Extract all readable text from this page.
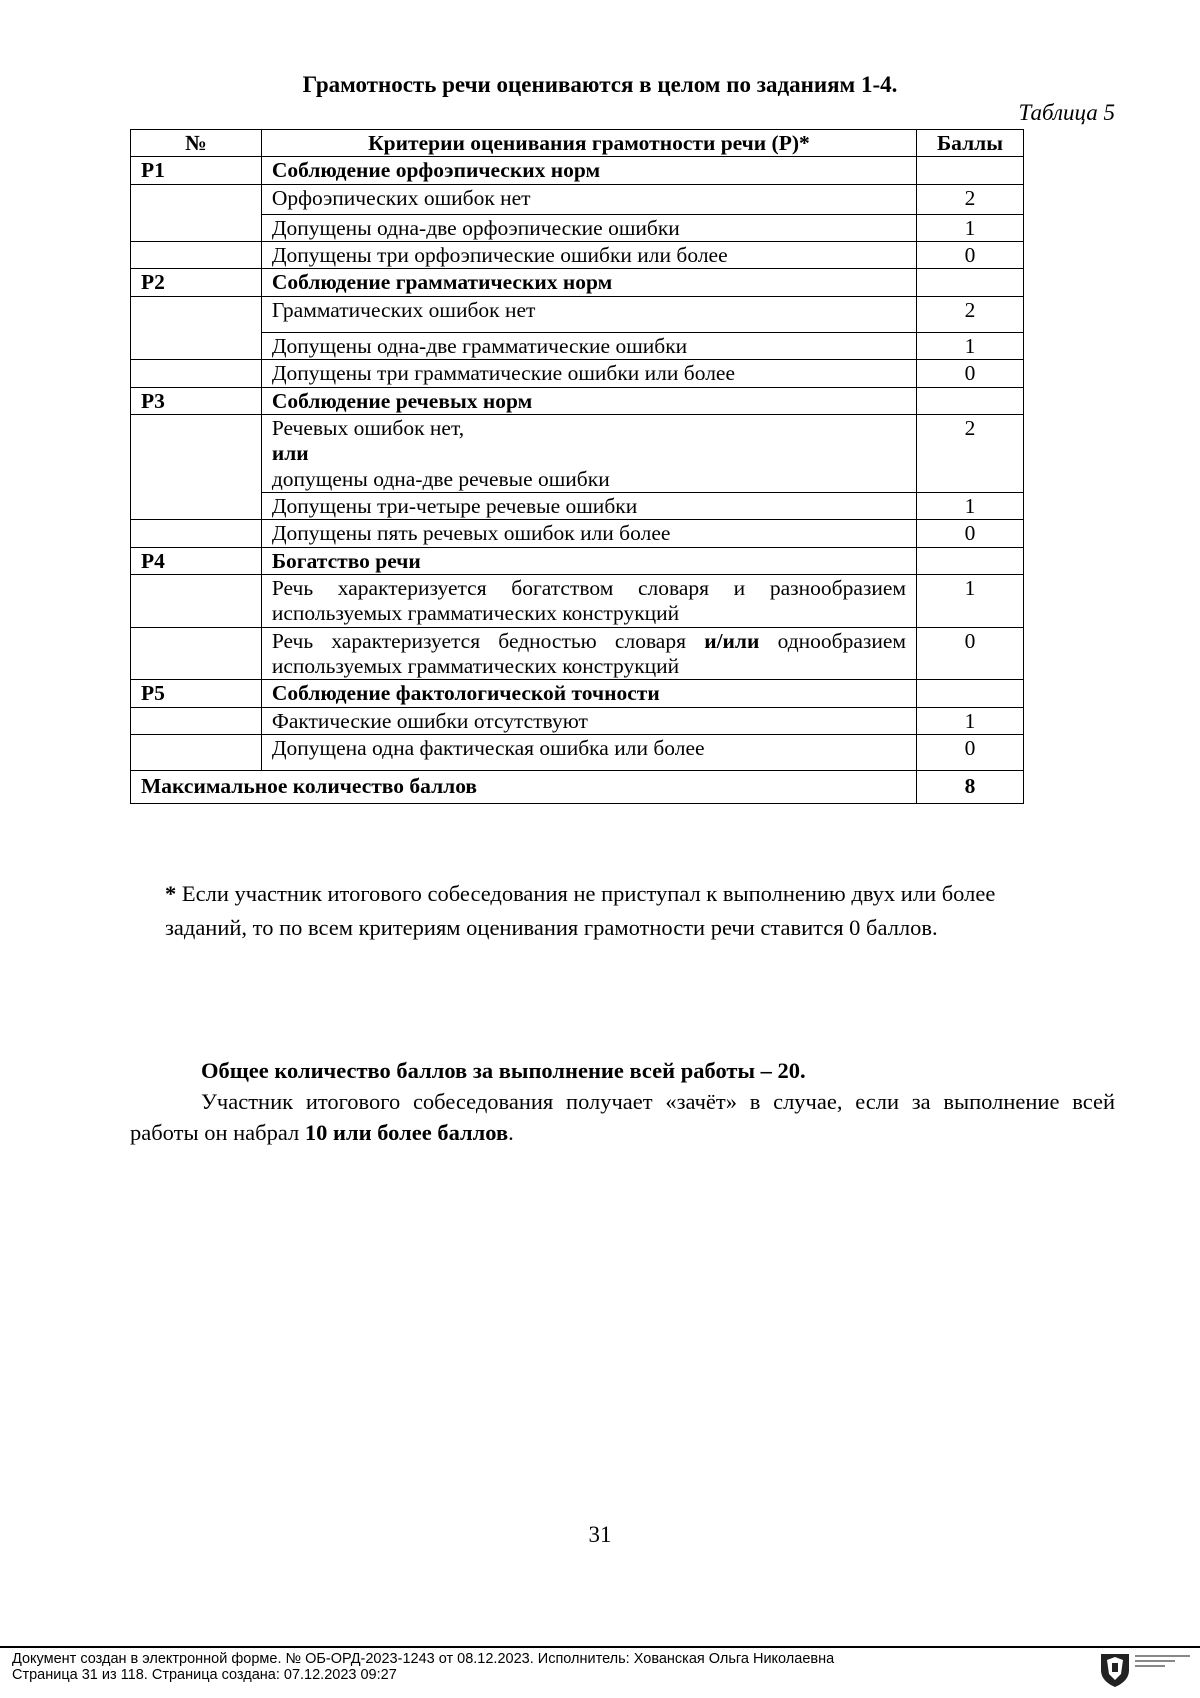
Грамотность речи оцениваются в целом по заданиям 1-4.
Таблица 5
№	Критерии оценивания грамотности речи (Р)*	Баллы
Р1	Соблюдение орфоэпических норм	
	Орфоэпических ошибок нет	2
	Допущены одна-две орфоэпические ошибки	1
	Допущены три орфоэпические ошибки или более	0
Р2	Соблюдение грамматических норм	
	Грамматических ошибок нет	2
	Допущены одна-две грамматические ошибки	1
	Допущены три грамматические ошибки или более	0
Р3	Соблюдение речевых норм	

	Речевых ошибок нет,
или
допущены одна-две речевые ошибки	2
	Допущены три-четыре речевые ошибки	1
	Допущены пять речевых ошибок или более	0
Р4	Богатство речи	
	Речь характеризуется богатством словаря и разнообразием используемых грамматических конструкций	1
	Речь характеризуется бедностью словаря и/или однообразием используемых грамматических конструкций	0
Р5	Соблюдение фактологической точности	
	Фактические ошибки отсутствуют	1
	Допущена одна фактическая ошибка или более	0
Максимальное количество баллов		8
* Если участник итогового собеседования не приступал к выполнению двух или более заданий, то по всем критериям оценивания грамотности речи ставится 0 баллов.
Общее количество баллов за выполнение всей работы – 20.
Участник итогового собеседования получает «зачёт» в случае, если за выполнение всей работы он набрал 10 или более баллов.
31
Документ создан в электронной форме. № ОБ-ОРД-2023-1243 от 08.12.2023. Исполнитель: Хованская Ольга Николаевна
Страница 31 из 118. Страница создана: 07.12.2023 09:27
